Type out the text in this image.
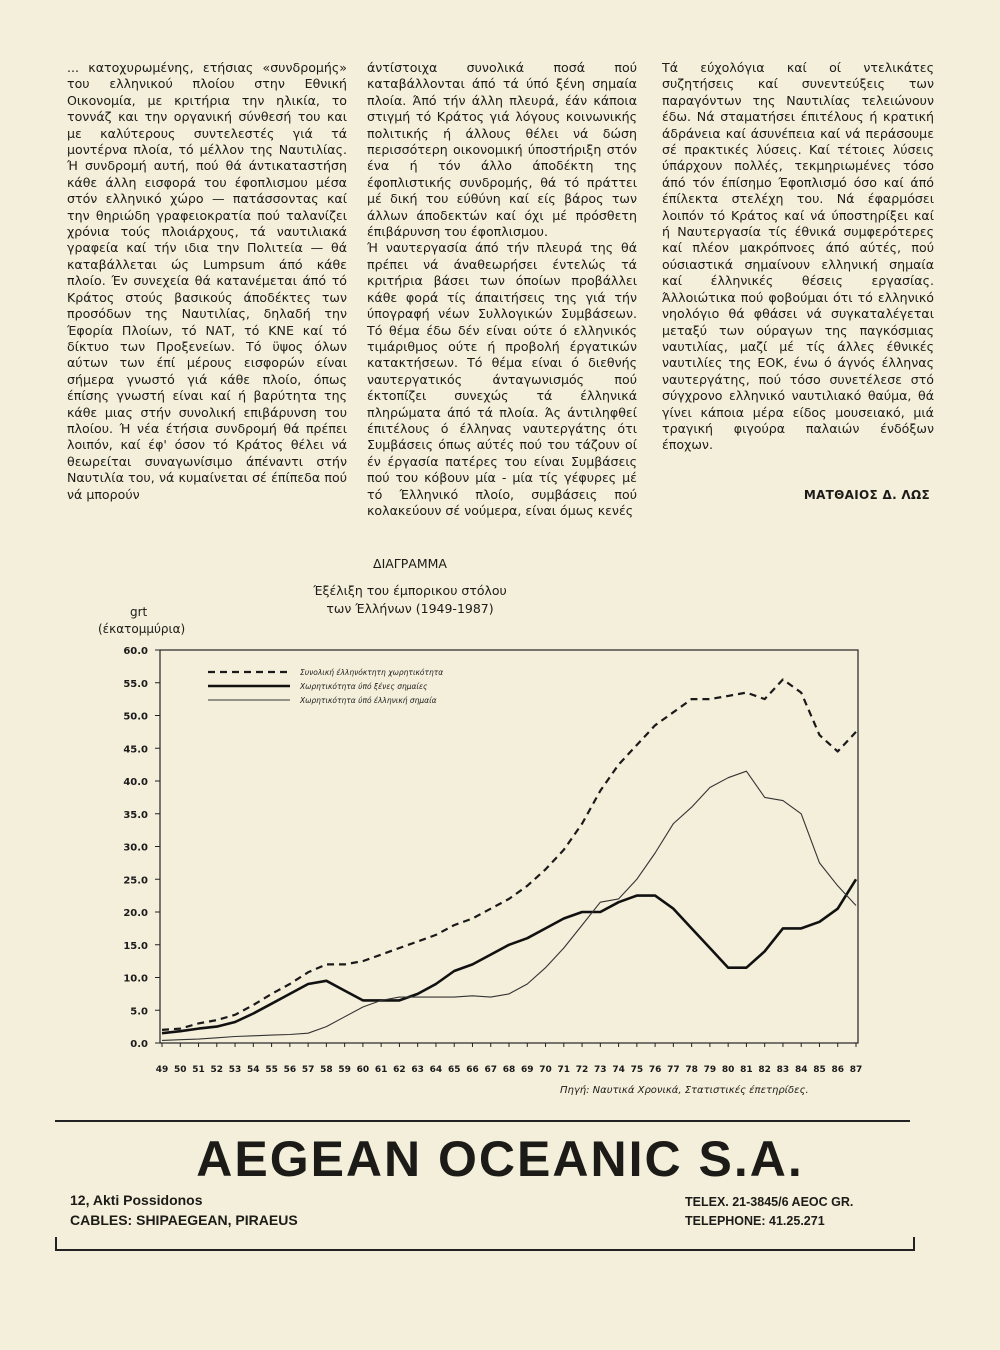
... κατοχυρωμένης, ετήσιας «συνδρομής» του ελληνικού πλοίου στην Εθνική Οικονομία, με κριτήρια την ηλικία, το τοννάζ και την οργανική σύνθεσή του και με καλύτερους συντελεστές γιά τά μοντέρνα πλοία, τό μέλλον της Ναυτιλίας. Ή συνδρομή αυτή, πού θά άντικαταστήση κάθε άλλη εισφορά του έφοπλισμου μέσα στόν ελληνικό χώρο — πατάσσοντας καί την θηριώδη γραφειοκρατία πού ταλανίζει χρόνια τούς πλοιάρχους, τά ναυτιλιακά γραφεία καί τήν ιδια την Πολιτεία — θά καταβάλλεται ώς Lumpsum άπό κάθε πλοίο. Έν συνεχεία θά κατανέμεται άπό τό Κράτος στούς βασικούς άποδέκτες των προσόδων της Ναυτιλίας, δηλαδή την Έφορία Πλοίων, τό ΝΑΤ, τό ΚΝΕ καί τό δίκτυο των Προξενείων. Τό ϋψος όλων αύτων των έπί μέρους εισφορών είναι σήμερα γνωστό γιά κάθε πλοίο, όπως έπίσης γνωστή είναι καί ή βαρύτητα της κάθε μιας στήν συνολική επιβάρυνση του πλοίου. Ή νέα έτήσια συνδρομή θά πρέπει λοιπόν, καί έφ' όσον τό Κράτος θέλει νά θεωρείται συναγωνίσιμο άπέναντι στήν Ναυτιλία του, νά κυμαίνεται σέ έπίπεδα πού νά μπορούν

άντίστοιχα συνολικά ποσά πού καταβάλλονται άπό τά ύπό ξένη σημαία πλοία. Άπό τήν άλλη πλευρά, έάν κάποια στιγμή τό Κράτος γιά λόγους κοινωνικής πολιτικής ή άλλους θέλει νά δώση περισσότερη οικονομική ύποστήριξη στόν ένα ή τόν άλλο άποδέκτη της έφοπλιστικής συνδρομής, θά τό πράττει μέ δική του εύθύνη καί είς βάρος των άλλων άποδεκτών καί όχι μέ πρόσθετη έπιβάρυνση του έφοπλισμου.

Ή ναυτεργασία άπό τήν πλευρά της θά πρέπει νά άναθεωρήσει έντελώς τά κριτήρια βάσει των όποίων προβάλλει κάθε φορά τίς άπαιτήσεις της γιά τήν ύπογραφή νέων Συλλογικών Συμβάσεων. Τό θέμα έδω δέν είναι ούτε ό ελληνικός τιμάριθμος ούτε ή προβολή έργατικών κατακτήσεων. Τό θέμα είναι ό διεθνής ναυτεργατικός άνταγωνισμός πού έκτοπίζει συνεχώς τά έλληνικά πληρώματα άπό τά πλοία. Άς άντιληφθεί έπιτέλους ό έλληνας ναυτεργάτης ότι Συμβάσεις όπως αύτές πού του τάζουν οί έν έργασία πατέρες του είναι Συμβάσεις πού του κόβουν μία - μία τίς γέφυρες μέ τό Έλληνικό πλοίο, συμβάσεις πού κολακεύουν σέ νούμερα, είναι όμως κενές

Τά εύχολόγια καί οί ντελικάτες συζητήσεις καί συνεντεύξεις των παραγόντων της Ναυτιλίας τελειώνουν έδω. Νά σταματήσει έπιτέλους ή κρατική άδράνεια καί άσυνέπεια καί νά περάσουμε σέ πρακτικές λύσεις. Καί τέτοιες λύσεις ύπάρχουν πολλές, τεκμηριωμένες τόσο άπό τόν έπίσημο Έφοπλισμό όσο καί άπό έπίλεκτα στελέχη του. Νά έφαρμόσει λοιπόν τό Κράτος καί νά ύποστηρίξει καί ή Ναυτεργασία τίς έθνικά συμφερότερες καί πλέον μακρόπνοες άπό αύτές, πού ούσιαστικά σημαίνουν ελληνική σημαία καί έλληνικές θέσεις εργασίας. Άλλοιώτικα πού φοβούμαι ότι τό ελληνικό νηολόγιο θά φθάσει νά συγκαταλέγεται μεταξύ των ούραγων της παγκόσμιας ναυτιλίας, μαζί μέ τίς άλλες έθνικές ναυτιλίες της ΕΟΚ, ένω ό άγνός έλληνας ναυτεργάτης, πού τόσο συνετέλεσε στό σύγχρονο ελληνικό ναυτιλιακό θαύμα, θά γίνει κάποια μέρα είδος μουσειακό, μιά τραγική φιγούρα παλαιών ένδόξων έποχων.

ΜΑΤΘΑΙΟΣ Δ. ΛΩΣ
ΔΙΑΓΡΑΜΜΑ
Έξέλιξη του έμπορικου στόλου
των Έλλήνων (1949-1987)
grt
(έκατομμύρια)
0.0
5.0
10.0
15.0
20.0
25.0
30.0
35.0
40.0
45.0
50.0
55.0
60.0
49 50 51 52 53 54 55 56 57 58 59 60 61 62 63 64 65 66 67 68 69 70 71 72 73 74 75 76 77 78 79 80 81 82 83 84 85 86 87
Συνολική έλληνόκτητη χωρητικότητα
Χωρητικότητα ύπό ξένες σημαίες
Χωρητικότητα ύπό έλληνική σημαία
Πηγή: Ναυτικά Χρονικά, Στατιστικές έπετηρίδες.
AEGEAN OCEANIC S.A.
12, Akti Possidonos
CABLES: SHIPAEGEAN, PIRAEUS
TELEX. 21-3845/6 AEOC GR.
TELEPHONE: 41.25.271
